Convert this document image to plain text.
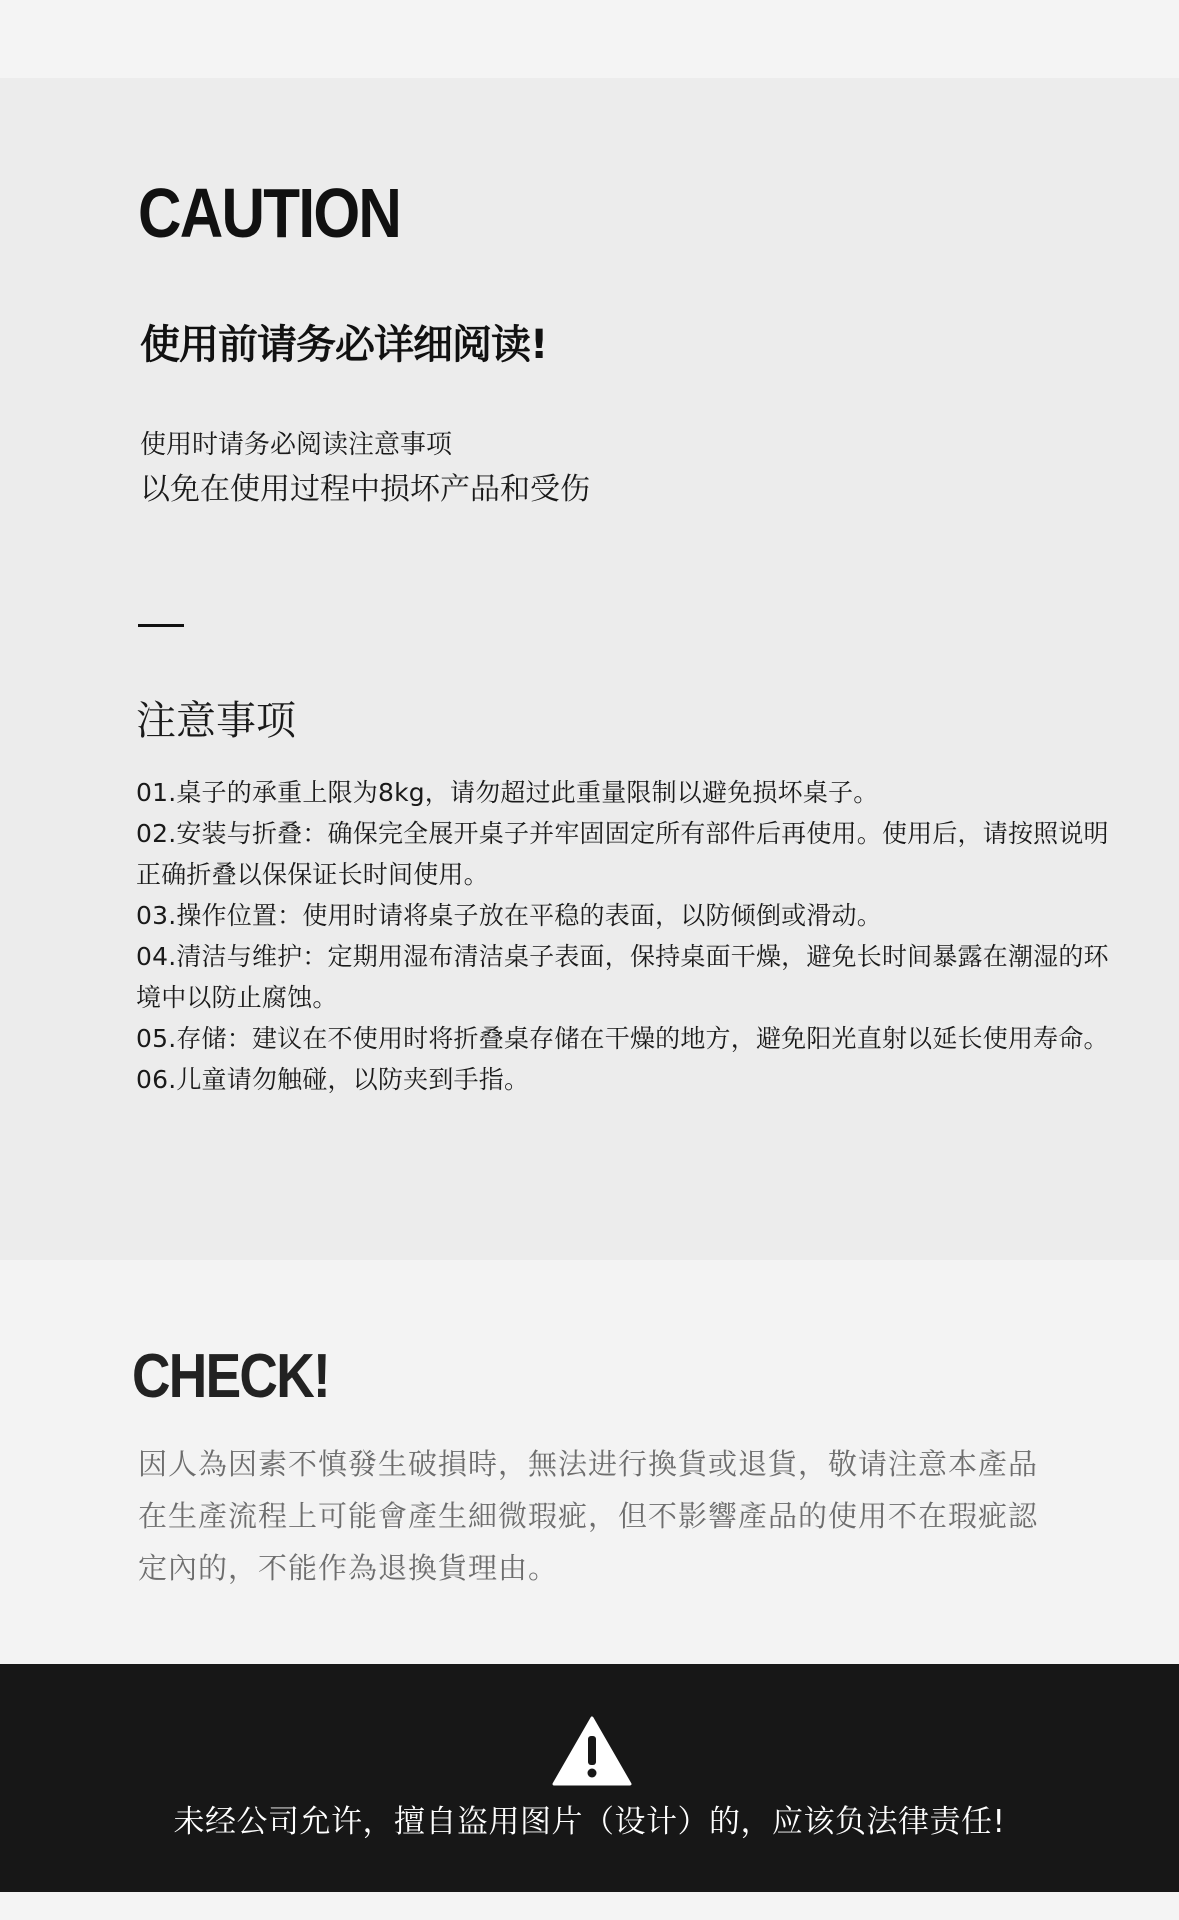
CAUTION
使用前请务必详细阅读!

使用时请务必阅读注意事项

以免在使用过程中损坏产品和受伤

注意事项
01.桌子的承重上限为8kg，请勿超过此重量限制以避免损坏桌子。
02.安装与折叠：确保完全展开桌子并牢固固定所有部件后再使用。使用后，请按照说明正确折叠以保保证长时间使用。
03.操作位置：使用时请将桌子放在平稳的表面，以防倾倒或滑动。
04.清洁与维护：定期用湿布清洁桌子表面，保持桌面干燥，避免长时间暴露在潮湿的环境中以防止腐蚀。
05.存储：建议在不使用时将折叠桌存储在干燥的地方，避免阳光直射以延长使用寿命。
06.儿童请勿触碰，以防夹到手指。
CHECK!

因人為因素不慎發生破損時，無法进行換貨或退貨，敬请注意本產品在生產流程上可能會產生細微瑕疵，但不影響產品的使用不在瑕疵認定內的，不能作為退換貨理由。

未经公司允许，擅自盗用图片（设计）的，应该负法律责任!
